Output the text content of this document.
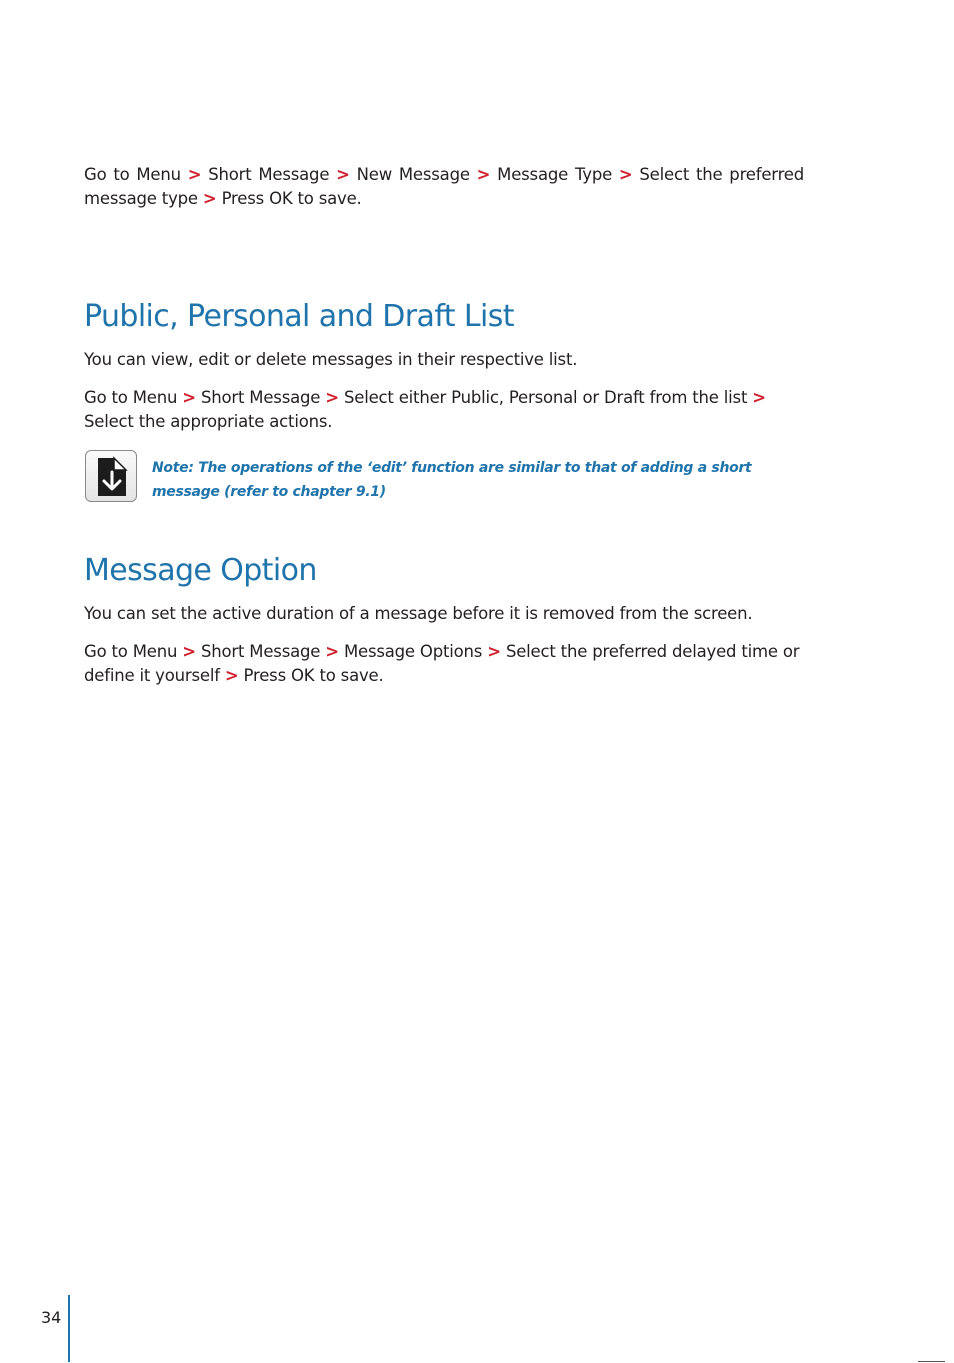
Go to Menu > Short Message > New Message > Message Type > Select the preferred message type > Press OK to save.

Public, Personal and Draft List

You can view, edit or delete messages in their respective list.

Go to Menu > Short Message > Select either Public, Personal or Draft from the list > Select the appropriate actions.

Note: The operations of the ‘edit’ function are similar to that of adding a short message (refer to chapter 9.1)

Message Option

You can set the active duration of a message before it is removed from the screen.

Go to Menu > Short Message > Message Options > Select the preferred delayed time or define it yourself > Press OK to save.

34
